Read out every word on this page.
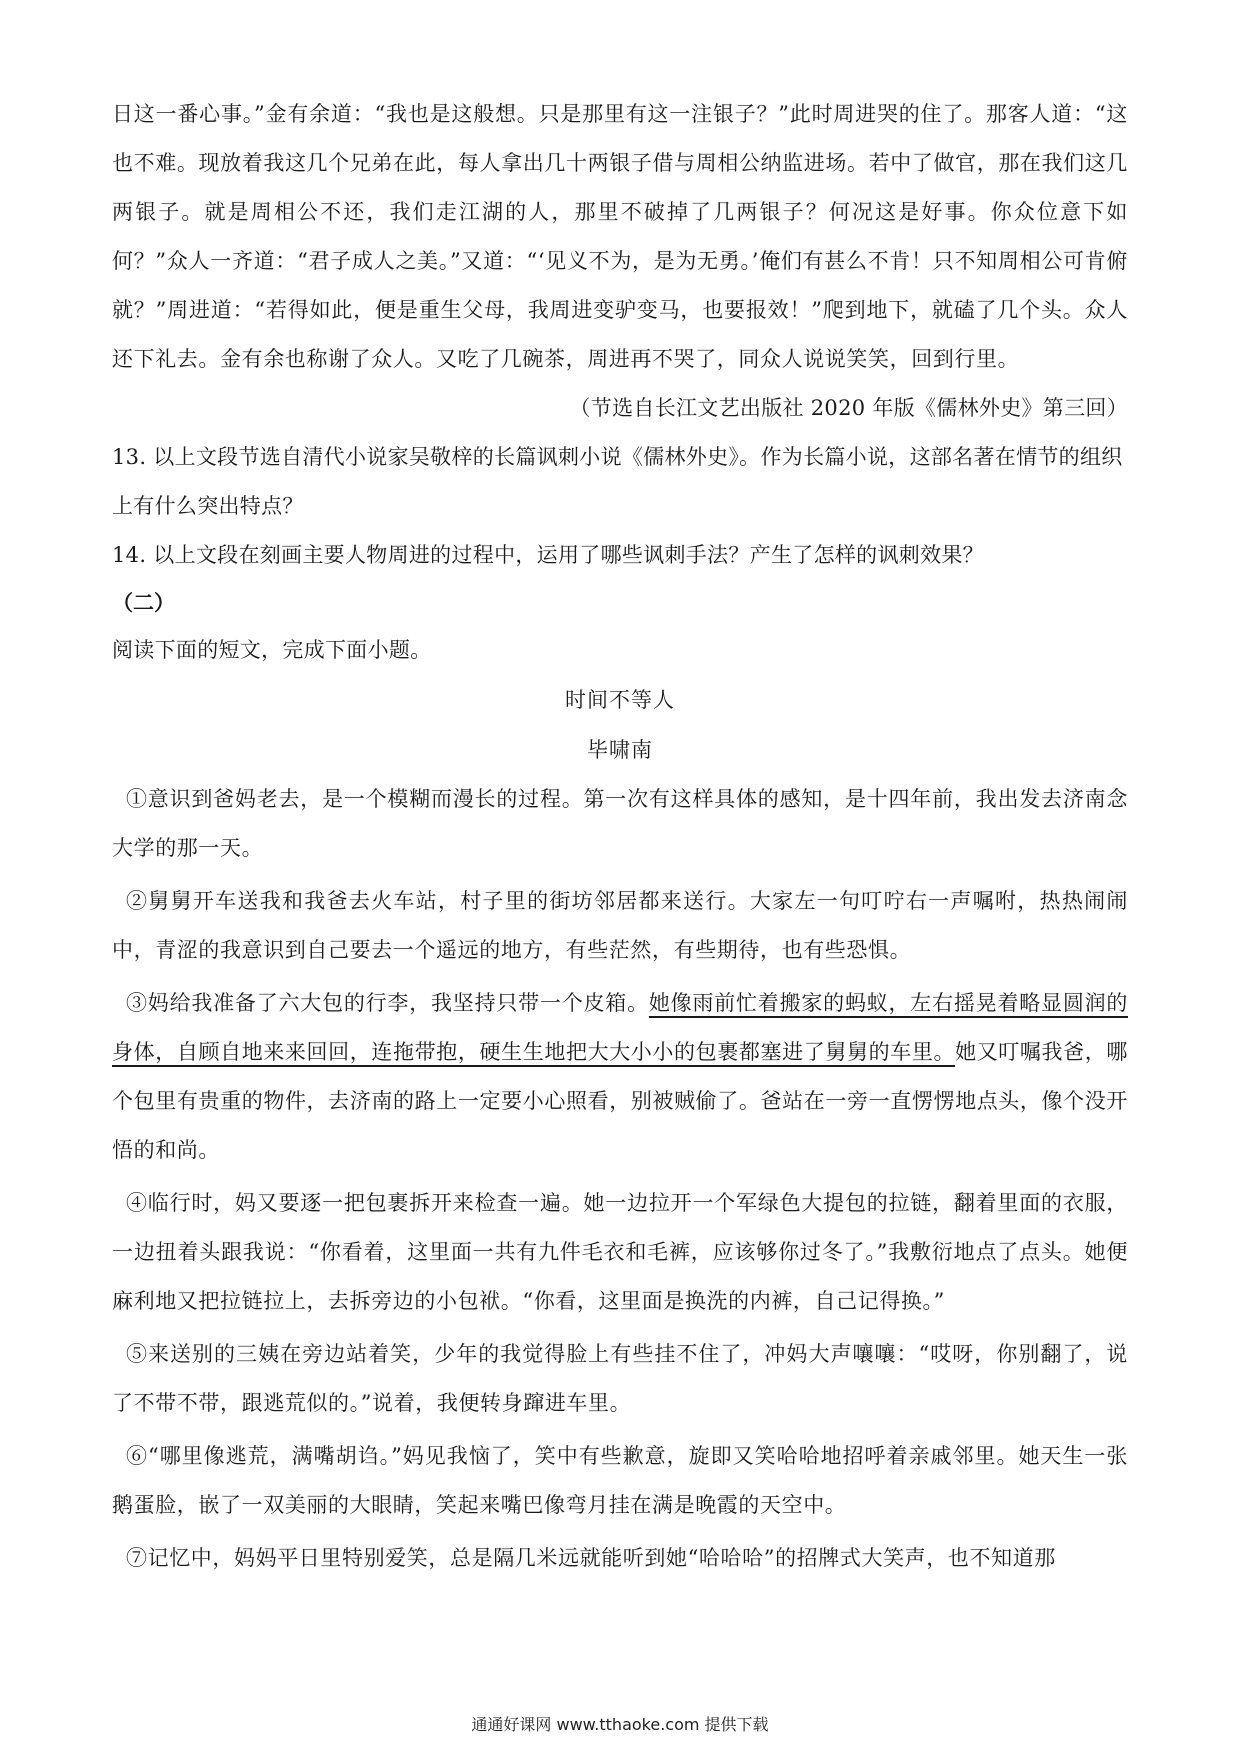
日这一番心事。”金有余道：“我也是这般想。只是那里有这一注银子？”此时周进哭的住了。那客人道：“这也不难。现放着我这几个兄弟在此，每人拿出几十两银子借与周相公纳监进场。若中了做官，那在我们这几两银子。就是周相公不还，我们走江湖的人，那里不破掉了几两银子？何况这是好事。你众位意下如何？”众人一齐道：“君子成人之美。”又道：“‘见义不为，是为无勇。’俺们有甚么不肯！只不知周相公可肯俯就？”周进道：“若得如此，便是重生父母，我周进变驴变马，也要报效！”爬到地下，就磕了几个头。众人还下礼去。金有余也称谢了众人。又吃了几碗茶，周进再不哭了，同众人说说笑笑，回到行里。

（节选自长江文艺出版社 2020 年版《儒林外史》第三回）

13. 以上文段节选自清代小说家吴敬梓的长篇讽刺小说《儒林外史》。作为长篇小说，这部名著在情节的组织上有什么突出特点？

14. 以上文段在刻画主要人物周进的过程中，运用了哪些讽刺手法？产生了怎样的讽刺效果？

（二）

阅读下面的短文，完成下面小题。

时间不等人

毕啸南

①意识到爸妈老去，是一个模糊而漫长的过程。第一次有这样具体的感知，是十四年前，我出发去济南念大学的那一天。

②舅舅开车送我和我爸去火车站，村子里的街坊邻居都来送行。大家左一句叮咛右一声嘱咐，热热闹闹中，青涩的我意识到自己要去一个遥远的地方，有些茫然，有些期待，也有些恐惧。

③妈给我准备了六大包的行李，我坚持只带一个皮箱。她像雨前忙着搬家的蚂蚁，左右摇晃着略显圆润的身体，自顾自地来来回回，连拖带抱，硬生生地把大大小小的包裹都塞进了舅舅的车里。她又叮嘱我爸，哪个包里有贵重的物件，去济南的路上一定要小心照看，别被贼偷了。爸站在一旁一直愣愣地点头，像个没开悟的和尚。

④临行时，妈又要逐一把包裹拆开来检查一遍。她一边拉开一个军绿色大提包的拉链，翻着里面的衣服，一边扭着头跟我说：“你看着，这里面一共有九件毛衣和毛裤，应该够你过冬了。”我敷衍地点了点头。她便麻利地又把拉链拉上，去拆旁边的小包袱。“你看，这里面是换洗的内裤，自己记得换。”

⑤来送别的三姨在旁边站着笑，少年的我觉得脸上有些挂不住了，冲妈大声嚷嚷：“哎呀，你别翻了，说了不带不带，跟逃荒似的。”说着，我便转身蹿进车里。

⑥“哪里像逃荒，满嘴胡诌。”妈见我恼了，笑中有些歉意，旋即又笑哈哈地招呼着亲戚邻里。她天生一张鹅蛋脸，嵌了一双美丽的大眼睛，笑起来嘴巴像弯月挂在满是晚霞的天空中。

⑦记忆中，妈妈平日里特别爱笑，总是隔几米远就能听到她“哈哈哈”的招牌式大笑声，也不知道那

通通好课网 www.tthaoke.com 提供下载
